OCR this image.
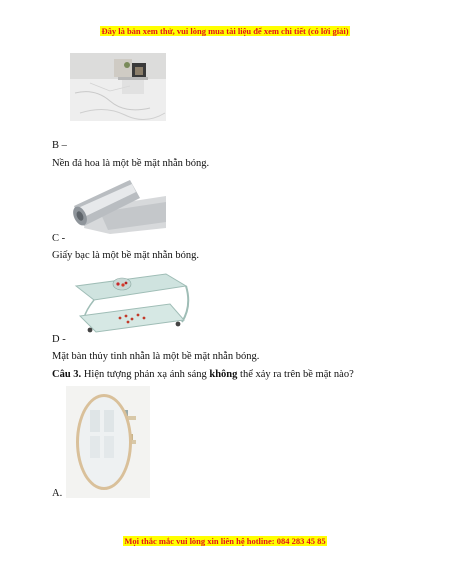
Đây là bản xem thử, vui lòng mua tài liệu để xem chi tiết (có lời giải)
B –
Nền đá hoa là một bề mặt nhẵn bóng.
C -
Giấy bạc là một bề mặt nhẵn bóng.
D -
Mặt bàn thủy tinh nhẵn là một bề mặt nhẵn bóng.
Câu 3. Hiện tượng phản xạ ánh sáng không thể xảy ra trên bề mặt nào?
A.
Mọi thắc mắc vui lòng xin liên hệ hotline: 084 283 45 85
